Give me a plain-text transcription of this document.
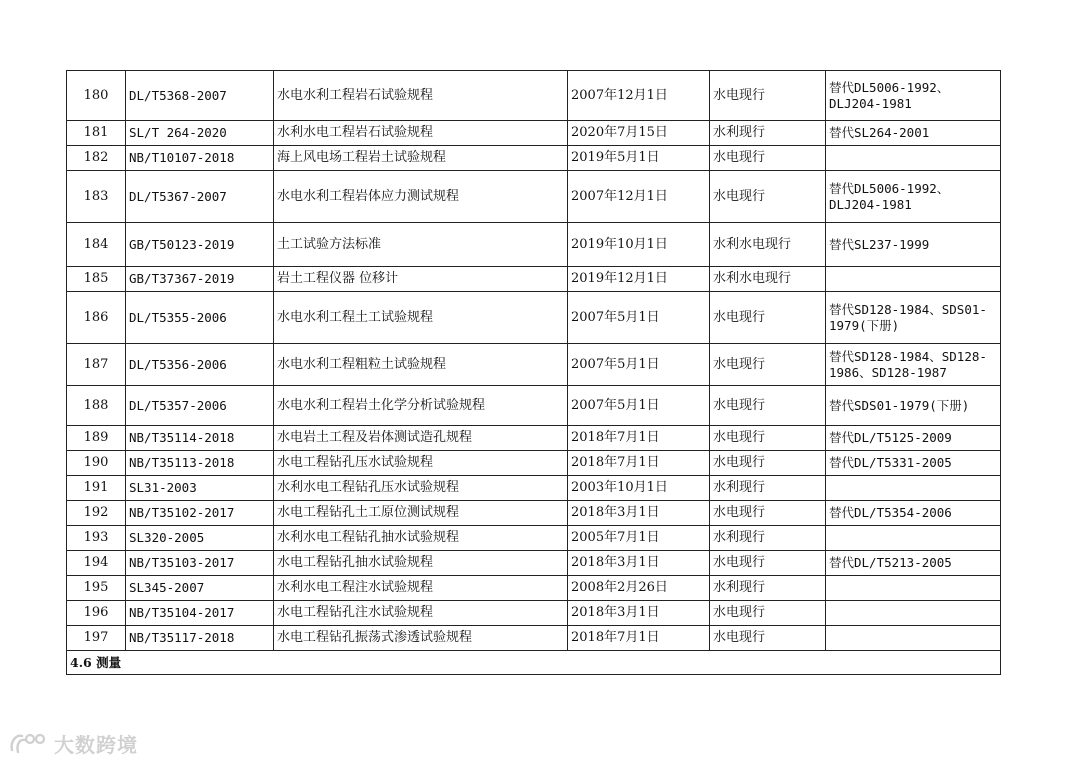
180	DL/T5368-2007	水电水利工程岩石试验规程	2007年12月1日	水电现行	替代DL5006-1992、
DLJ204-1981
181	SL/T 264-2020	水利水电工程岩石试验规程	2020年7月15日	水利现行	替代SL264-2001
182	NB/T10107-2018	海上风电场工程岩土试验规程	2019年5月1日	水电现行	
183	DL/T5367-2007	水电水利工程岩体应力测试规程	2007年12月1日	水电现行	替代DL5006-1992、
DLJ204-1981
184	GB/T50123-2019	土工试验方法标准	2019年10月1日	水利水电现行	替代SL237-1999
185	GB/T37367-2019	岩土工程仪器 位移计	2019年12月1日	水利水电现行	
186	DL/T5355-2006	水电水利工程土工试验规程	2007年5月1日	水电现行	替代SD128-1984、SDS01-
1979(下册)
187	DL/T5356-2006	水电水利工程粗粒土试验规程	2007年5月1日	水电现行	替代SD128-1984、SD128-
1986、SD128-1987
188	DL/T5357-2006	水电水利工程岩土化学分析试验规程	2007年5月1日	水电现行	替代SDS01-1979(下册)
189	NB/T35114-2018	水电岩土工程及岩体测试造孔规程	2018年7月1日	水电现行	替代DL/T5125-2009
190	NB/T35113-2018	水电工程钻孔压水试验规程	2018年7月1日	水电现行	替代DL/T5331-2005
191	SL31-2003	水利水电工程钻孔压水试验规程	2003年10月1日	水利现行	
192	NB/T35102-2017	水电工程钻孔土工原位测试规程	2018年3月1日	水电现行	替代DL/T5354-2006
193	SL320-2005	水利水电工程钻孔抽水试验规程	2005年7月1日	水利现行	
194	NB/T35103-2017	水电工程钻孔抽水试验规程	2018年3月1日	水电现行	替代DL/T5213-2005
195	SL345-2007	水利水电工程注水试验规程	2008年2月26日	水利现行	
196	NB/T35104-2017	水电工程钻孔注水试验规程	2018年3月1日	水电现行	
197	NB/T35117-2018	水电工程钻孔振荡式渗透试验规程	2018年7月1日	水电现行	
4.6 测量					
大数跨境
